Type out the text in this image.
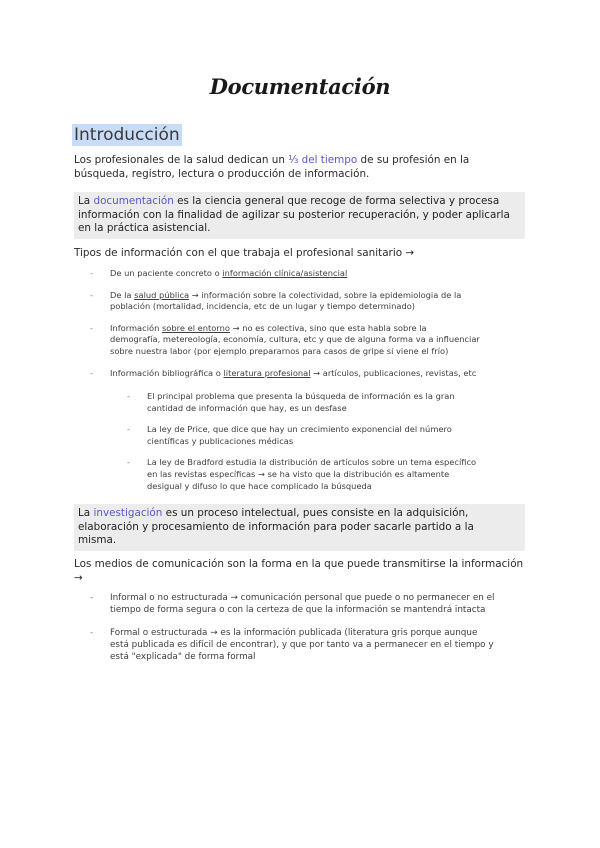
Documentación
Introducción
Los profesionales de la salud dedican un ⅓ del tiempo de su profesión en la
búsqueda, registro, lectura o producción de información.
La documentación es la ciencia general que recoge de forma selectiva y procesa
información con la finalidad de agilizar su posterior recuperación, y poder aplicarla
en la práctica asistencial.
Tipos de información con el que trabaja el profesional sanitario →
- De un paciente concreto o información clínica/asistencial
- De la salud pública → información sobre la colectividad, sobre la epidemiologia de la
población (mortalidad, incidencia, etc de un lugar y tiempo determinado)
- Información sobre el entorno → no es colectiva, sino que esta habla sobre la
demografía, metereología, economía, cultura, etc y que de alguna forma va a influenciar
sobre nuestra labor (por ejemplo prepararnos para casos de gripe si viene el frío)
- Información bibliográfica o literatura profesional → artículos, publicaciones, revistas, etc
- El principal problema que presenta la búsqueda de información es la gran
cantidad de información que hay, es un desfase
- La ley de Price, que dice que hay un crecimiento exponencial del número
científicas y publicaciones médicas
- La ley de Bradford estudia la distribución de artículos sobre un tema específico
en las revistas específicas → se ha visto que la distribución es altamente
desigual y difuso lo que hace complicado la búsqueda
La investigación es un proceso intelectual, pues consiste en la adquisición,
elaboración y procesamiento de información para poder sacarle partido a la
misma.
Los medios de comunicación son la forma en la que puede transmitirse la información
→
- Informal o no estructurada → comunicación personal que puede o no permanecer en el
tiempo de forma segura o con la certeza de que la información se mantendrá intacta
- Formal o estructurada → es la información publicada (literatura gris porque aunque
está publicada es difícil de encontrar), y que por tanto va a permanecer en el tiempo y
está "explicada" de forma formal
